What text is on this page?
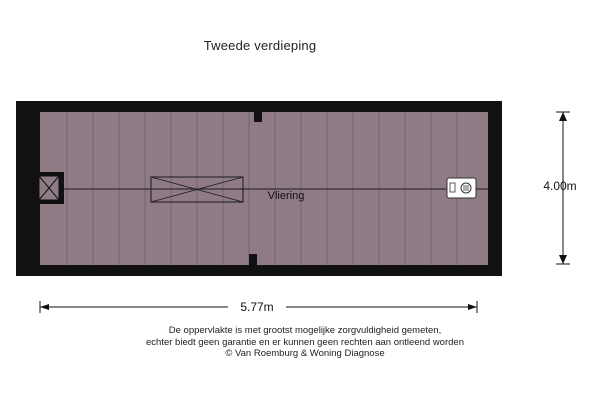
Tweede verdieping
Vliering
4.00m
5.77m
De oppervlakte is met grootst mogelijke zorgvuldigheid gemeten,
echter biedt geen garantie en er kunnen geen rechten aan ontleend worden
© Van Roemburg & Woning Diagnose
